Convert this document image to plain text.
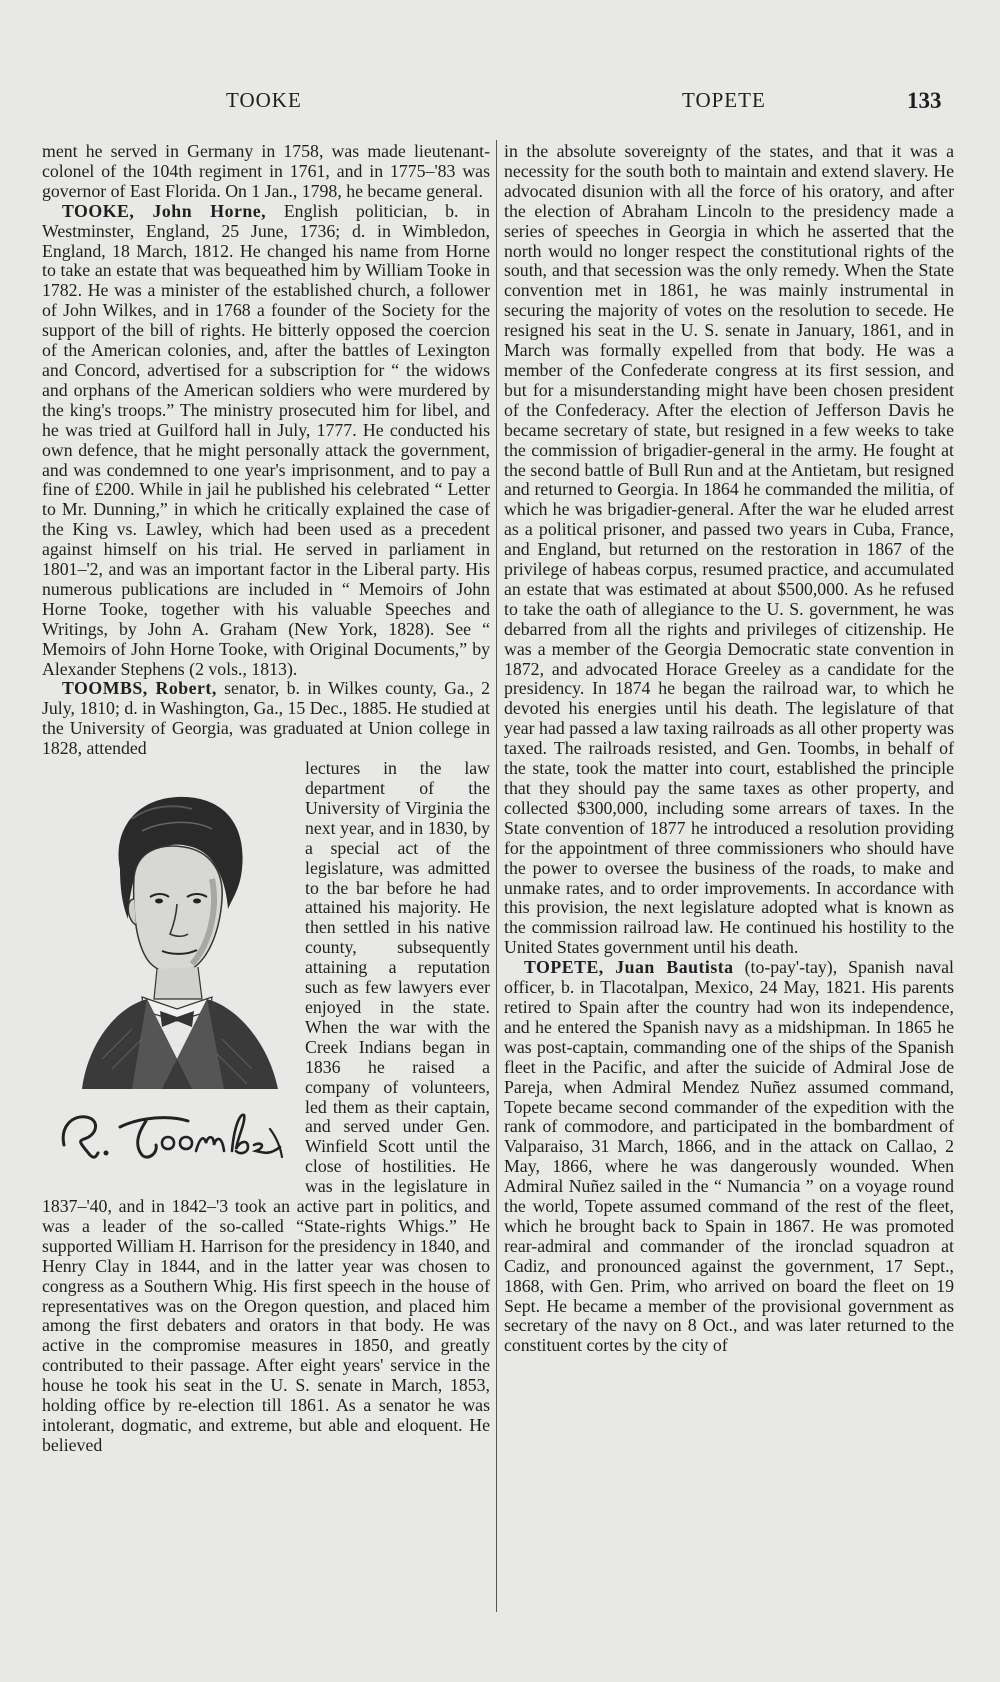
TOOKE	TOPETE	133

ment he served in Germany in 1758, was made lieutenant-colonel of the 104th regiment in 1761, and in 1775–'83 was governor of East Florida. On 1 Jan., 1798, he became general.

TOOKE, John Horne, English politician, b. in Westminster, England, 25 June, 1736; d. in Wimbledon, England, 18 March, 1812. He changed his name from Horne to take an estate that was bequeathed him by William Tooke in 1782. He was a minister of the established church, a follower of John Wilkes, and in 1768 a founder of the Society for the support of the bill of rights. He bitterly opposed the coercion of the American colonies, and, after the battles of Lexington and Concord, advertised for a subscription for “ the widows and orphans of the American soldiers who were murdered by the king's troops.” The ministry prosecuted him for libel, and he was tried at Guilford hall in July, 1777. He conducted his own defence, that he might personally attack the government, and was condemned to one year's imprisonment, and to pay a fine of £200. While in jail he published his celebrated “ Letter to Mr. Dunning,” in which he critically explained the case of the King vs. Lawley, which had been used as a precedent against himself on his trial. He served in parliament in 1801–'2, and was an important factor in the Liberal party. His numerous publications are included in “ Memoirs of John Horne Tooke, together with his valuable Speeches and Writings, by John A. Graham (New York, 1828). See “ Memoirs of John Horne Tooke, with Original Documents,” by Alexander Stephens (2 vols., 1813).

TOOMBS, Robert, senator, b. in Wilkes county, Ga., 2 July, 1810; d. in Washington, Ga., 15 Dec., 1885. He studied at the University of Georgia, was graduated at Union college in 1828, attended

lectures in the law department of the University of Virginia the next year, and in 1830, by a special act of the legislature, was admitted to the bar before he had attained his majority. He then settled in his native county, subsequently attaining a reputation such as few lawyers ever enjoyed in the state. When the war with the Creek Indians began in 1836 he raised a company of volunteers, led them as their captain, and served under Gen. Winfield Scott until the close of hostilities. He was in the legislature in 1837–'40, and in 1842–'3 took an active part in politics, and was a leader of the so-called “State-rights Whigs.” He supported William H. Harrison for the presidency in 1840, and Henry Clay in 1844, and in the latter year was chosen to congress as a Southern Whig. His first speech in the house of representatives was on the Oregon question, and placed him among the first debaters and orators in that body. He was active in the compromise measures in 1850, and greatly contributed to their passage. After eight years' service in the house he took his seat in the U. S. senate in March, 1853, holding office by re-election till 1861. As a senator he was intolerant, dogmatic, and extreme, but able and eloquent. He believed

in the absolute sovereignty of the states, and that it was a necessity for the south both to maintain and extend slavery. He advocated disunion with all the force of his oratory, and after the election of Abraham Lincoln to the presidency made a series of speeches in Georgia in which he asserted that the north would no longer respect the constitutional rights of the south, and that secession was the only remedy. When the State convention met in 1861, he was mainly instrumental in securing the majority of votes on the resolution to secede. He resigned his seat in the U. S. senate in January, 1861, and in March was formally expelled from that body. He was a member of the Confederate congress at its first session, and but for a misunderstanding might have been chosen president of the Confederacy. After the election of Jefferson Davis he became secretary of state, but resigned in a few weeks to take the commission of brigadier-general in the army. He fought at the second battle of Bull Run and at the Antietam, but resigned and returned to Georgia. In 1864 he commanded the militia, of which he was brigadier-general. After the war he eluded arrest as a political prisoner, and passed two years in Cuba, France, and England, but returned on the restoration in 1867 of the privilege of habeas corpus, resumed practice, and accumulated an estate that was estimated at about $500,000. As he refused to take the oath of allegiance to the U. S. government, he was debarred from all the rights and privileges of citizenship. He was a member of the Georgia Democratic state convention in 1872, and advocated Horace Greeley as a candidate for the presidency. In 1874 he began the railroad war, to which he devoted his energies until his death. The legislature of that year had passed a law taxing railroads as all other property was taxed. The railroads resisted, and Gen. Toombs, in behalf of the state, took the matter into court, established the principle that they should pay the same taxes as other property, and collected $300,000, including some arrears of taxes. In the State convention of 1877 he introduced a resolution providing for the appointment of three commissioners who should have the power to oversee the business of the roads, to make and unmake rates, and to order improvements. In accordance with this provision, the next legislature adopted what is known as the commission railroad law. He continued his hostility to the United States government until his death.

TOPETE, Juan Bautista (to-pay'-tay), Spanish naval officer, b. in Tlacotalpan, Mexico, 24 May, 1821. His parents retired to Spain after the country had won its independence, and he entered the Spanish navy as a midshipman. In 1865 he was post-captain, commanding one of the ships of the Spanish fleet in the Pacific, and after the suicide of Admiral Jose de Pareja, when Admiral Mendez Nuñez assumed command, Topete became second commander of the expedition with the rank of commodore, and participated in the bombardment of Valparaiso, 31 March, 1866, and in the attack on Callao, 2 May, 1866, where he was dangerously wounded. When Admiral Nuñez sailed in the “ Numancia ” on a voyage round the world, Topete assumed command of the rest of the fleet, which he brought back to Spain in 1867. He was promoted rear-admiral and commander of the ironclad squadron at Cadiz, and pronounced against the government, 17 Sept., 1868, with Gen. Prim, who arrived on board the fleet on 19 Sept. He became a member of the provisional government as secretary of the navy on 8 Oct., and was later returned to the constituent cortes by the city of
